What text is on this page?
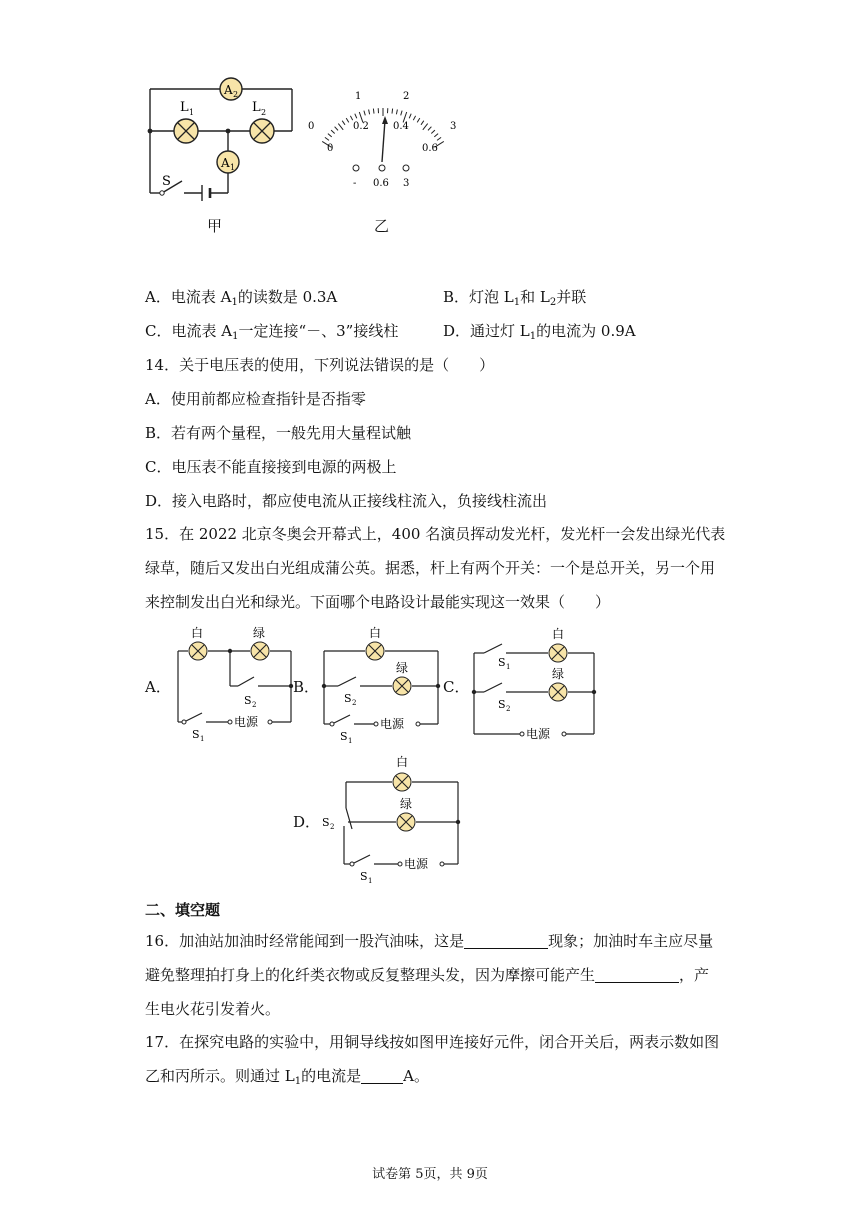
A 2
L 1	L 2
A 1
S
甲
0
1	2
3
0
0.2 0.4
0.6
- 0.6 3
乙
A．电流表 $A_1$的读数是 0.3A	B．灯泡 $L_1$和 $L_2$并联
C．电流表 $A_1$一定连接“－、3”接线柱	D．通过灯 $L_1$的电流为 0.9A
14．关于电压表的使用，下列说法错误的是（　　）
A．使用前都应检查指针是否指零
B．若有两个量程，一般先用大量程试触
C．电压表不能直接接到电源的两极上
D．接入电路时，都应使电流从正接线柱流入，负接线柱流出
15．在 2022 北京冬奥会开幕式上，400 名演员挥动发光杆，发光杆一会发出绿光代表
绿草，随后又发出白光组成蒲公英。据悉，杆上有两个开关：一个是总开关，另一个用
来控制发出白光和绿光。下面哪个电路设计最能实现这一效果（　　）
A．	B．	C．
D．
白	绿
S 2
S 1
电源
白
绿
S 2
S 1
电源
白
绿
S 1
S 2
电源
白
绿
S 2
S 1
电源
二、填空题
16．加油站加油时经常能闻到一股汽油味，这是	现象；加油时车主应尽量
避免整理拍打身上的化纤类衣物或反复整理头发，因为摩擦可能产生	，产
生电火花引发着火。
17．在探究电路的实验中，用铜导线按如图甲连接好元件，闭合开关后，两表示数如图
乙和丙所示。则通过 $L_1$的电流是	A。
试卷第 5页，共 9页
